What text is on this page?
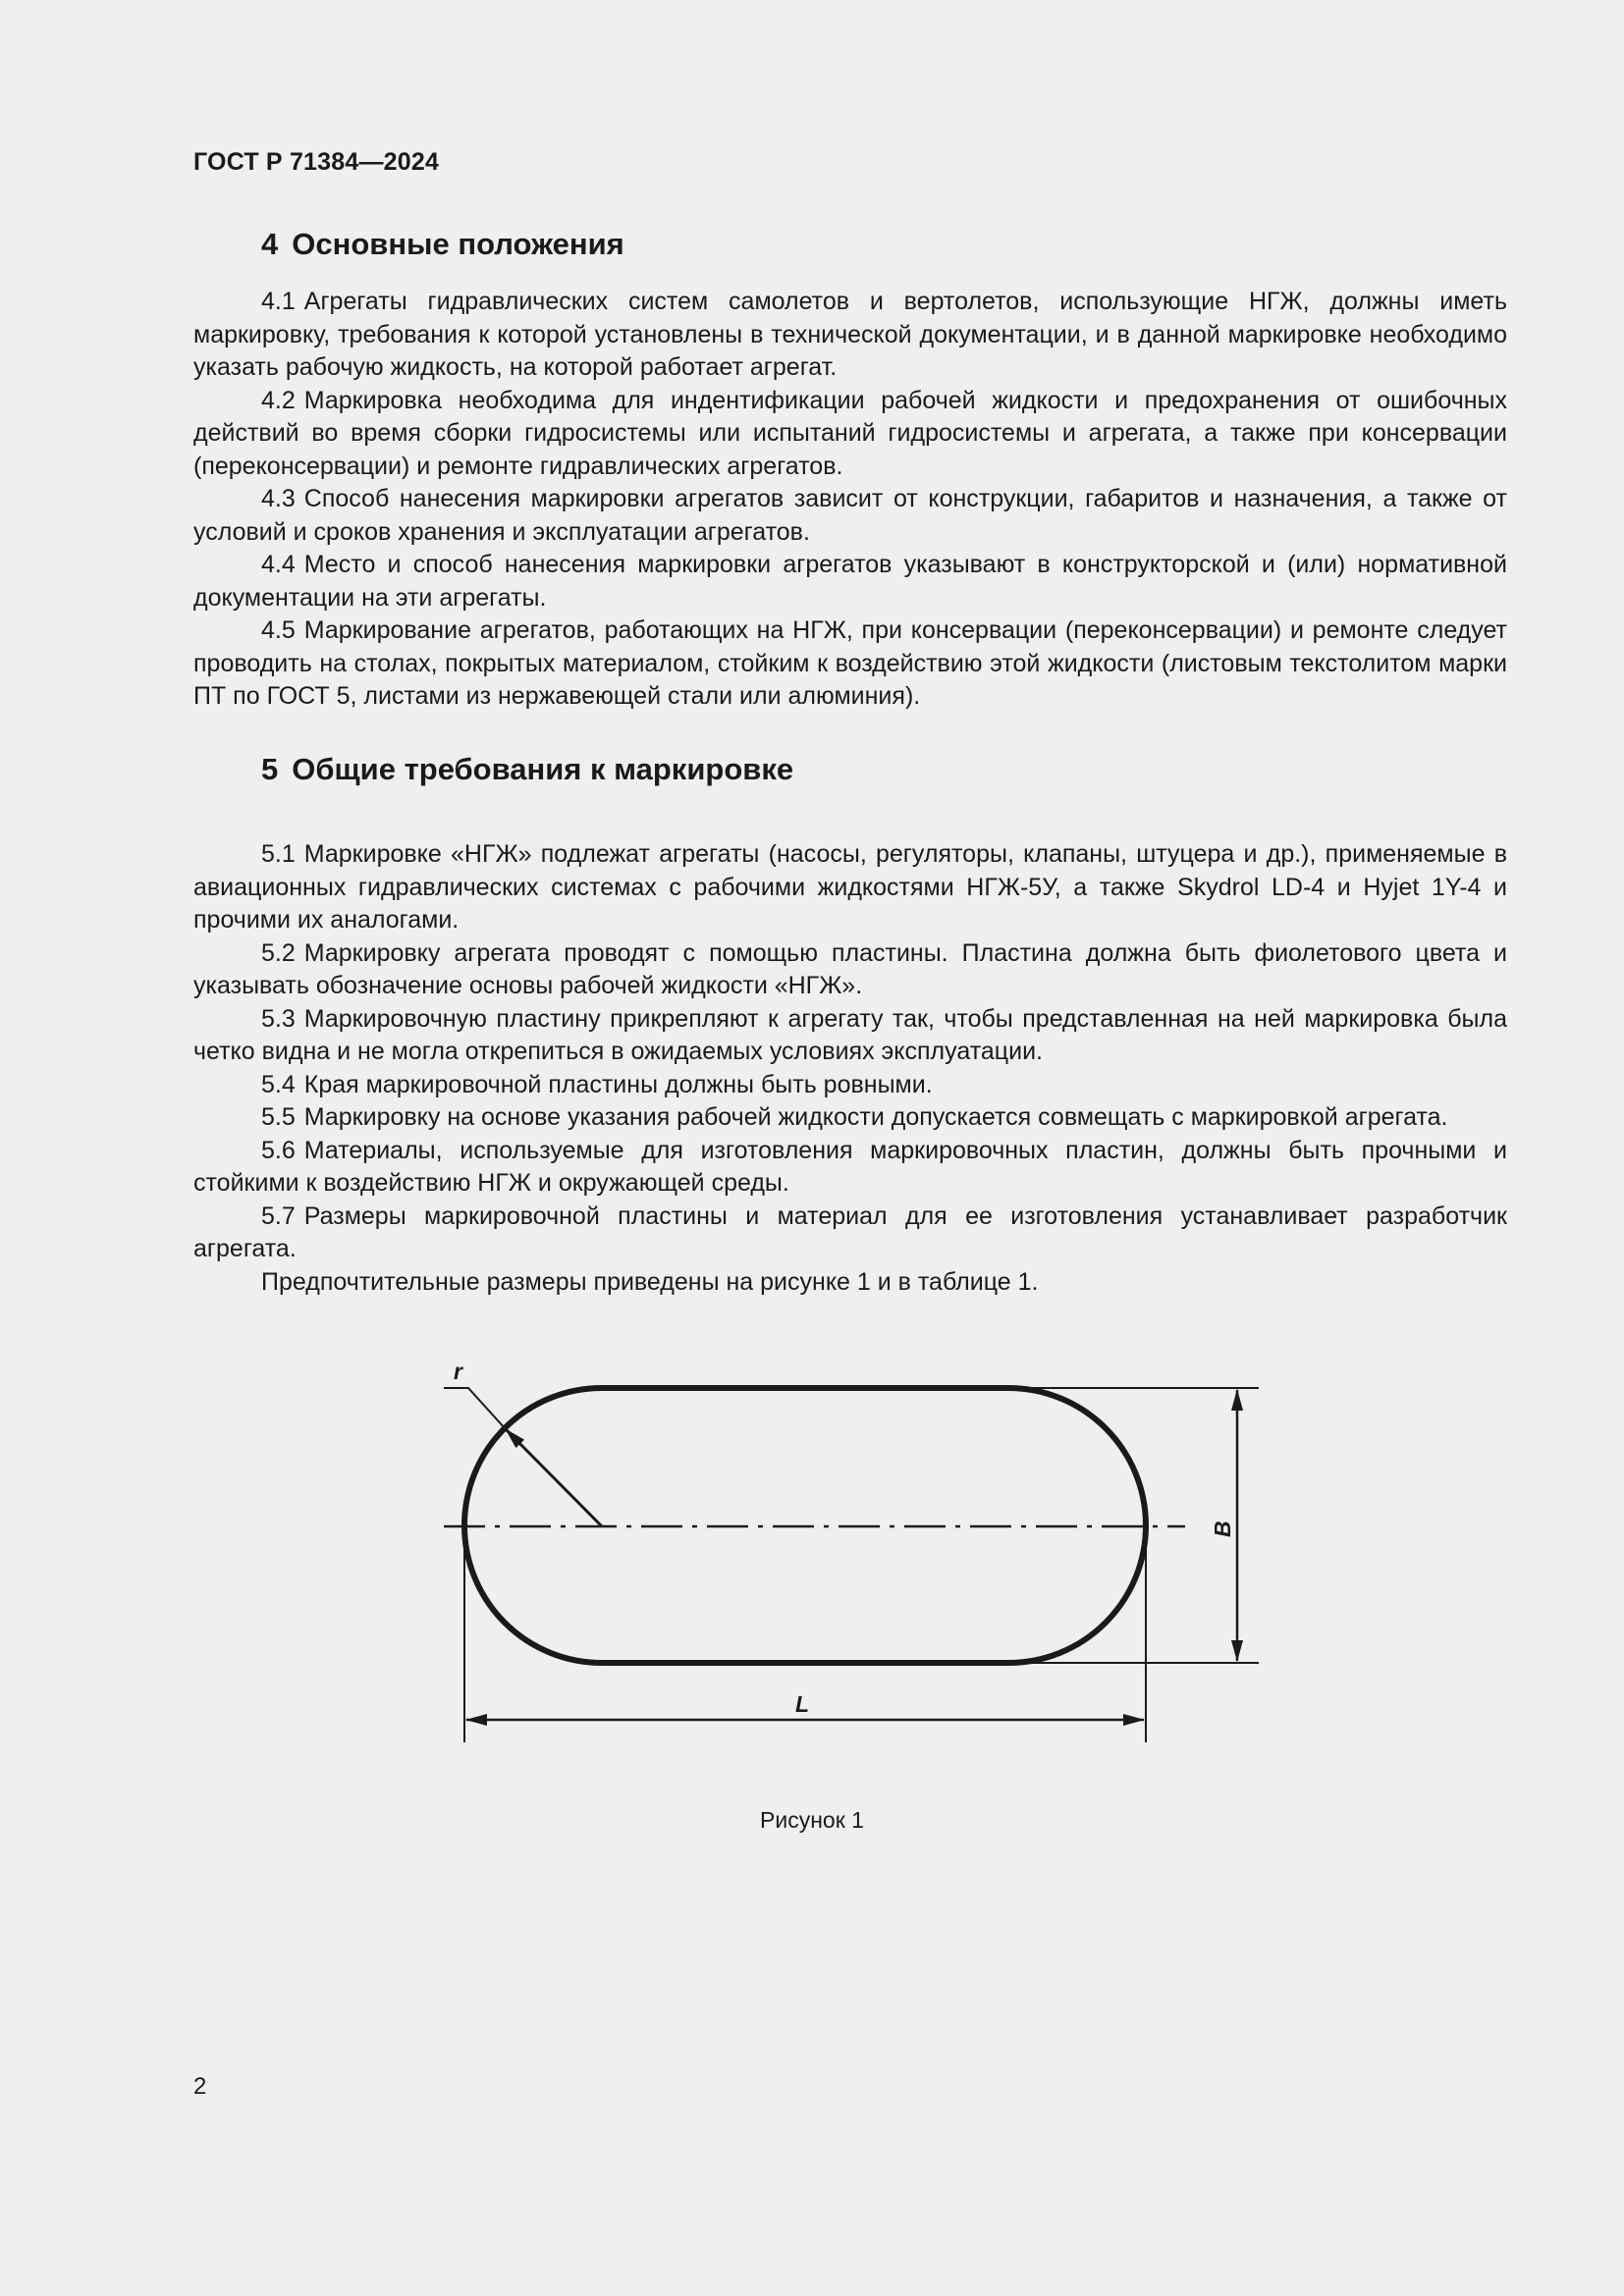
ГОСТ Р 71384—2024
4 Основные положения

4.1 Агрегаты гидравлических систем самолетов и вертолетов, использующие НГЖ, должны иметь маркировку, требования к которой установлены в технической документации, и в данной маркировке необходимо указать рабочую жидкость, на которой работает агрегат.

4.2 Маркировка необходима для индентификации рабочей жидкости и предохранения от ошибочных действий во время сборки гидросистемы или испытаний гидросистемы и агрегата, а также при консервации (переконсервации) и ремонте гидравлических агрегатов.

4.3 Способ нанесения маркировки агрегатов зависит от конструкции, габаритов и назначения, а также от условий и сроков хранения и эксплуатации агрегатов.

4.4 Место и способ нанесения маркировки агрегатов указывают в конструкторской и (или) нормативной документации на эти агрегаты.

4.5 Маркирование агрегатов, работающих на НГЖ, при консервации (переконсервации) и ремонте следует проводить на столах, покрытых материалом, стойким к воздействию этой жидкости (листовым текстолитом марки ПТ по ГОСТ 5, листами из нержавеющей стали или алюминия).

5 Общие требования к маркировке

5.1 Маркировке «НГЖ» подлежат агрегаты (насосы, регуляторы, клапаны, штуцера и др.), применяемые в авиационных гидравлических системах с рабочими жидкостями НГЖ-5У, а также Skydrol LD-4 и Hyjet 1Y-4 и прочими их аналогами.

5.2 Маркировку агрегата проводят с помощью пластины. Пластина должна быть фиолетового цвета и указывать обозначение основы рабочей жидкости «НГЖ».

5.3 Маркировочную пластину прикрепляют к агрегату так, чтобы представленная на ней маркировка была четко видна и не могла открепиться в ожидаемых условиях эксплуатации.

5.4 Края маркировочной пластины должны быть ровными.

5.5 Маркировку на основе указания рабочей жидкости допускается совмещать с маркировкой агрегата.

5.6 Материалы, используемые для изготовления маркировочных пластин, должны быть прочными и стойкими к воздействию НГЖ и окружающей среды.

5.7 Размеры маркировочной пластины и материал для ее изготовления устанавливает разработчик агрегата.

Предпочтительные размеры приведены на рисунке 1 и в таблице 1.

r
B
L
Рисунок 1
2
